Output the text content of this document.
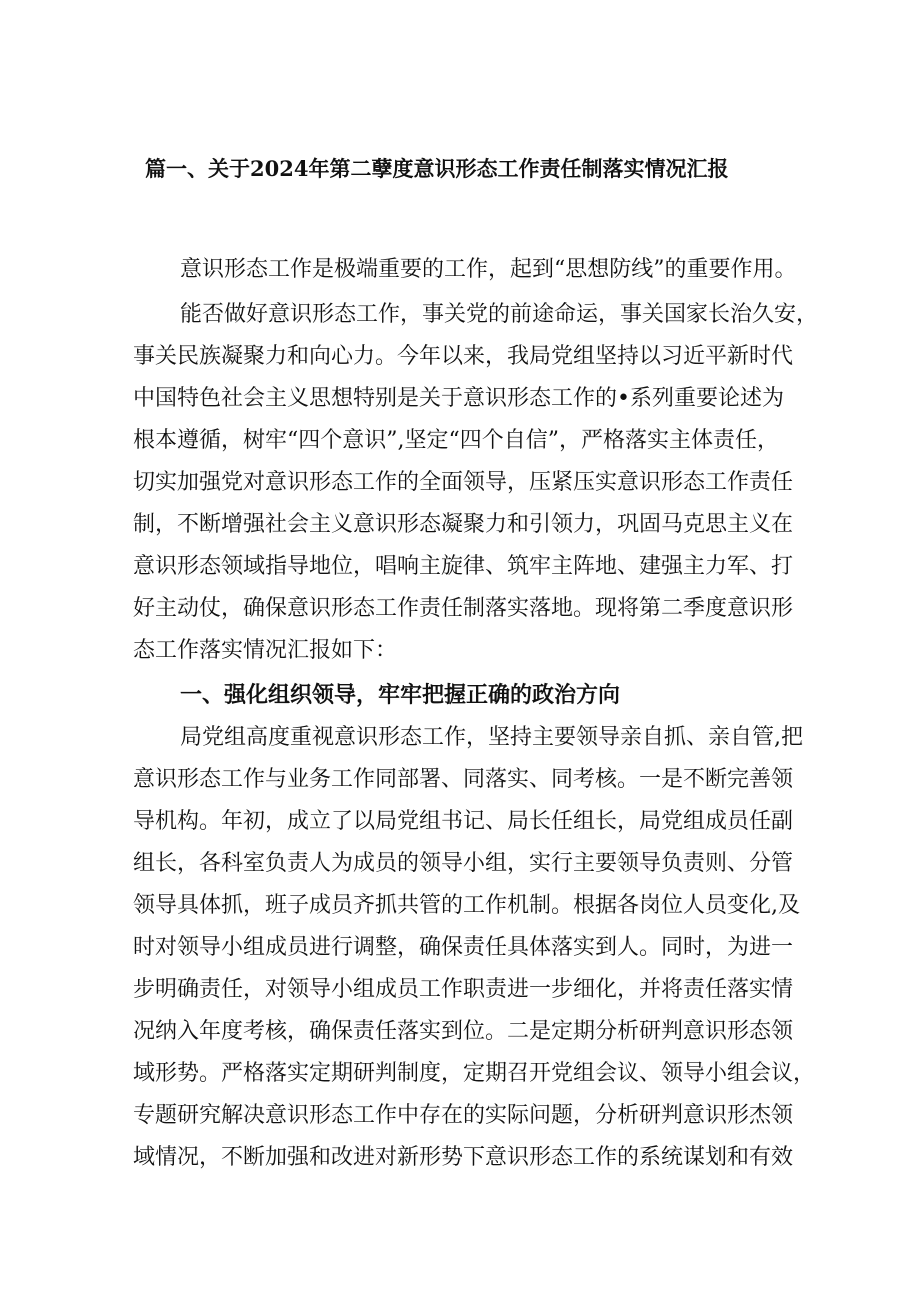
篇一、关于2024年第二孽度意识形态工作责任制落实情况汇报

意识形态工作是极端重要的工作，起到“思想防线”的重要作用。

能否做好意识形态工作，事关党的前途命运，事关国家长治久安，

事关民族凝聚力和向心力。今年以来，我局党组坚持以习近平新时代

中国特色社会主义思想特别是关于意识形态工作的•系列重要论述为

根本遵循，树牢“四个意识”,坚定“四个自信”，严格落实主体责任，

切实加强党对意识形态工作的全面领导，压紧压实意识形态工作责任

制，不断增强社会主义意识形态凝聚力和引领力，巩固马克思主义在

意识形态领域指导地位，唱响主旋律、筑牢主阵地、建强主力军、打

好主动仗，确保意识形态工作责任制落实落地。现将第二季度意识形

态工作落实情况汇报如下：

一、强化组织领导，牢牢把握正确的政治方向

局党组高度重视意识形态工作，坚持主要领导亲自抓、亲自管,把

意识形态工作与业务工作同部署、同落实、同考核。一是不断完善领

导机构。年初，成立了以局党组书记、局长任组长，局党组成员任副

组长，各科室负责人为成员的领导小组，实行主要领导负责则、分管

领导具体抓，班子成员齐抓共管的工作机制。根据各岗位人员变化,及

时对领导小组成员进行调整，确保责任具体落实到人。同时，为进一

步明确责任，对领导小组成员工作职责进一步细化，并将责任落实情

况纳入年度考核，确保责任落实到位。二是定期分析研判意识形态领

域形势。严格落实定期研判制度，定期召开党组会议、领导小组会议，

专题研究解决意识形态工作中存在的实际问题，分析研判意识形杰领

域情况，不断加强和改进对新形势下意识形态工作的系统谋划和有效
